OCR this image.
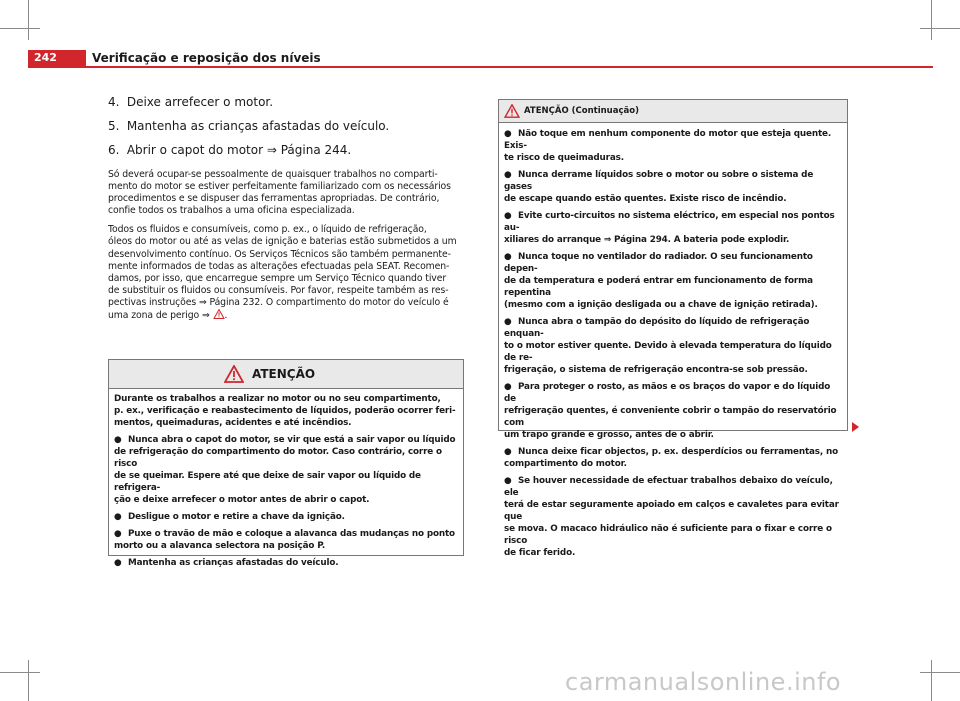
242	Verificação e reposição dos níveis
4. Deixe arrefecer o motor.
5. Mantenha as crianças afastadas do veículo.
6. Abrir o capot do motor ⇒ Página 244.

Só deverá ocupar-se pessoalmente de quaisquer trabalhos no comparti-
mento do motor se estiver perfeitamente familiarizado com os necessários
procedimentos e se dispuser das ferramentas apropriadas. De contrário,
confie todos os trabalhos a uma oficina especializada.

Todos os fluidos e consumíveis, como p. ex., o líquido de refrigeração,
óleos do motor ou até as velas de ignição e baterias estão submetidos a um
desenvolvimento contínuo. Os Serviços Técnicos são também permanente-
mente informados de todas as alterações efectuadas pela SEAT. Recomen-
damos, por isso, que encarregue sempre um Serviço Técnico quando tiver
de substituir os fluidos ou consumíveis. Por favor, respeite também as res-
pectivas instruções ⇒ Página 232. O compartimento do motor do veículo é
uma zona de perigo ⇒ .

ATENÇÃO

Durante os trabalhos a realizar no motor ou no seu compartimento,
p. ex., verificação e reabastecimento de líquidos, poderão ocorrer feri-
mentos, queimaduras, acidentes e até incêndios.

● Nunca abra o capot do motor, se vir que está a sair vapor ou líquido
de refrigeração do compartimento do motor. Caso contrário, corre o risco
de se queimar. Espere até que deixe de sair vapor ou líquido de refrigera-
ção e deixe arrefecer o motor antes de abrir o capot.

● Desligue o motor e retire a chave da ignição.

● Puxe o travão de mão e coloque a alavanca das mudanças no ponto
morto ou a alavanca selectora na posição P.

● Mantenha as crianças afastadas do veículo.

ATENÇÃO (Continuação)

● Não toque em nenhum componente do motor que esteja quente. Exis-
te risco de queimaduras.

● Nunca derrame líquidos sobre o motor ou sobre o sistema de gases
de escape quando estão quentes. Existe risco de incêndio.

● Evite curto-circuitos no sistema eléctrico, em especial nos pontos au-
xiliares do arranque ⇒ Página 294. A bateria pode explodir.

● Nunca toque no ventilador do radiador. O seu funcionamento depen-
de da temperatura e poderá entrar em funcionamento de forma repentina
(mesmo com a ignição desligada ou a chave de ignição retirada).

● Nunca abra o tampão do depósito do líquido de refrigeração enquan-
to o motor estiver quente. Devido à elevada temperatura do líquido de re-
frigeração, o sistema de refrigeração encontra-se sob pressão.

● Para proteger o rosto, as mãos e os braços do vapor e do líquido de
refrigeração quentes, é conveniente cobrir o tampão do reservatório com
um trapo grande e grosso, antes de o abrir.

● Nunca deixe ficar objectos, p. ex. desperdícios ou ferramentas, no
compartimento do motor.

● Se houver necessidade de efectuar trabalhos debaixo do veículo, ele
terá de estar seguramente apoiado em calços e cavaletes para evitar que
se mova. O macaco hidráulico não é suficiente para o fixar e corre o risco
de ficar ferido.

carmanualsonline.info
